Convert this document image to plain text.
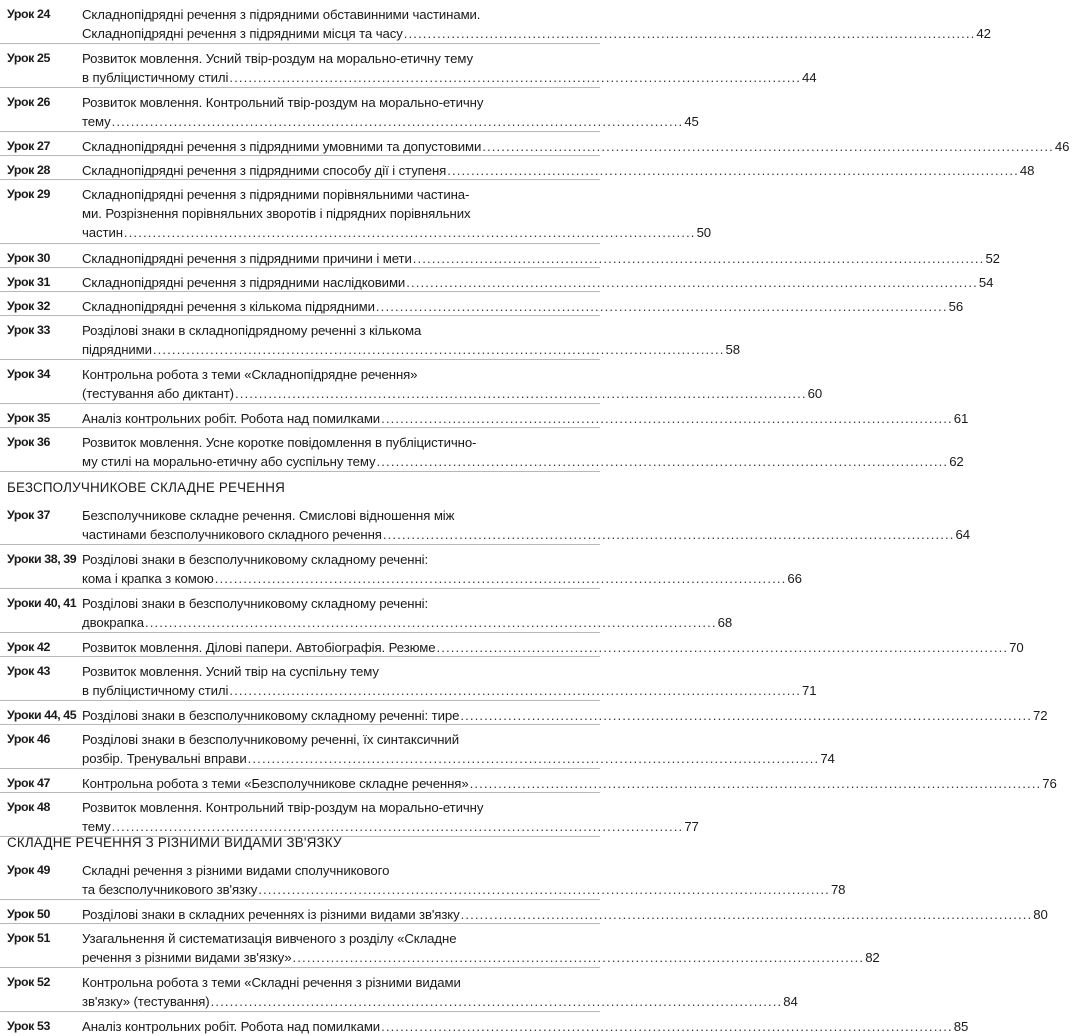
Урок 24	Складнопідрядні речення з підрядними обставинними частинами.
Складнопідрядні речення з підрядними місця та часу ........................................................................................................................ 42
Урок 25	Розвиток мовлення. Усний твір-роздум на морально-етичну тему
в публіцистичному стилі ........................................................................................................................ 44
Урок 26	Розвиток мовлення. Контрольний твір-роздум на морально-етичну
тему ........................................................................................................................ 45
Урок 27	Складнопідрядні речення з підрядними умовними та допустовими ........................................................................................................................ 46
Урок 28	Складнопідрядні речення з підрядними способу дії і ступеня ........................................................................................................................ 48
Урок 29	Складнопідрядні речення з підрядними порівняльними частина-
ми. Розрізнення порівняльних зворотів і підрядних порівняльних
частин ........................................................................................................................ 50
Урок 30	Складнопідрядні речення з підрядними причини і мети ........................................................................................................................ 52
Урок 31	Складнопідрядні речення з підрядними наслідковими ........................................................................................................................ 54
Урок 32	Складнопідрядні речення з кількома підрядними ........................................................................................................................ 56
Урок 33	Розділові знаки в складнопідрядному реченні з кількома
підрядними ........................................................................................................................ 58
Урок 34	Контрольна робота з теми «Складнопідрядне речення»
(тестування або диктант) ........................................................................................................................ 60
Урок 35	Аналіз контрольних робіт. Робота над помилками ........................................................................................................................ 61
Урок 36	Розвиток мовлення. Усне коротке повідомлення в публіцистично-
му стилі на морально-етичну або суспільну тему ........................................................................................................................ 62
БЕЗСПОЛУЧНИКОВЕ СКЛАДНЕ РЕЧЕННЯ
Урок 37	Безсполучникове складне речення. Смислові відношення між
частинами безсполучникового складного речення ........................................................................................................................ 64
Уроки 38, 39 Розділові знаки в безсполучниковому складному реченні:
кома і крапка з комою ........................................................................................................................ 66
Уроки 40, 41 Розділові знаки в безсполучниковому складному реченні:
двокрапка ........................................................................................................................ 68
Урок 42	Розвиток мовлення. Ділові папери. Автобіографія. Резюме ........................................................................................................................ 70
Урок 43	Розвиток мовлення. Усний твір на суспільну тему
в публіцистичному стилі ........................................................................................................................ 71
Уроки 44, 45 Розділові знаки в безсполучниковому складному реченні: тире ........................................................................................................................ 72
Урок 46	Розділові знаки в безсполучниковому реченні, їх синтаксичний
розбір. Тренувальні вправи ........................................................................................................................ 74
Урок 47	Контрольна робота з теми «Безсполучникове складне речення» ........................................................................................................................ 76
Урок 48	Розвиток мовлення. Контрольний твір-роздум на морально-етичну
тему ........................................................................................................................ 77
СКЛАДНЕ РЕЧЕННЯ З РІЗНИМИ ВИДАМИ ЗВ'ЯЗКУ
Урок 49	Складні речення з різними видами сполучникового
та безсполучникового зв'язку ........................................................................................................................ 78
Урок 50	Розділові знаки в складних реченнях із різними видами зв'язку ........................................................................................................................ 80
Урок 51	Узагальнення й систематизація вивченого з розділу «Складне
речення з різними видами зв'язку» ........................................................................................................................ 82
Урок 52	Контрольна робота з теми «Складні речення з різними видами
зв'язку» (тестування) ........................................................................................................................ 84
Урок 53	Аналіз контрольних робіт. Робота над помилками ........................................................................................................................ 85
